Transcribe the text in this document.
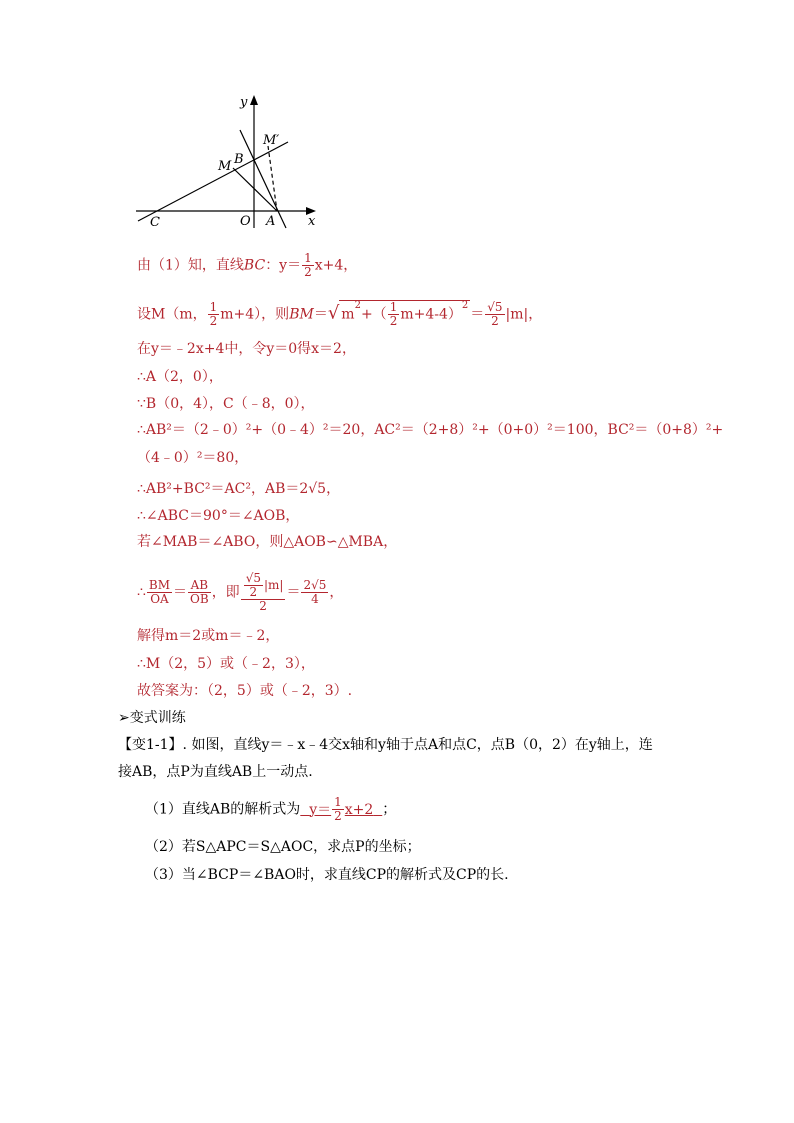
y
x
O A
B
C
M
M′
由（1）知，直线BC：$y= \frac{1}{2} x+4$，
设M（m， $\frac{1}{2} m+4$），则BM＝√ $m^2+( \frac{1}{2} m+4-4)^2= \frac{√5}{2} |m|$，
在y＝﹣2x+4中，令y＝0得x＝2，
∴A（2，0），
∵B（0，4），C（﹣8，0），
∴AB²＝（2﹣0）²+（0﹣4）²＝20，AC²＝（2+8）²+（0+0）²＝100，BC²＝（0+8）²+
（4﹣0）²＝80，
∴AB²+BC²＝AC²，AB＝2√5，
∴∠ABC＝90°＝∠AOB，
若∠MAB＝∠ABO，则△AOB∽△MBA，
∴ $\frac{BM}{OA} = \frac{AB}{OB}$ ，即 $\frac{\frac{√5}{2} |m|}{2} = \frac{2√5}{4}$ ，
解得m＝2或m＝﹣2，
∴M（2，5）或（﹣2，3），
故答案为：（2，5）或（﹣2，3）.
➢变式训练
【变1-1】. 如图，直线y＝﹣x﹣4交x轴和y轴于点A和点C，点B（0，2）在y轴上，连
接AB，点P为直线AB上一动点.
（1）直线AB的解析式为 $y= \frac{1}{2} x+2$ ；
（2）若S△APC＝S△AOC，求点P的坐标；
（3）当∠BCP＝∠BAO时，求直线CP的解析式及CP的长.
